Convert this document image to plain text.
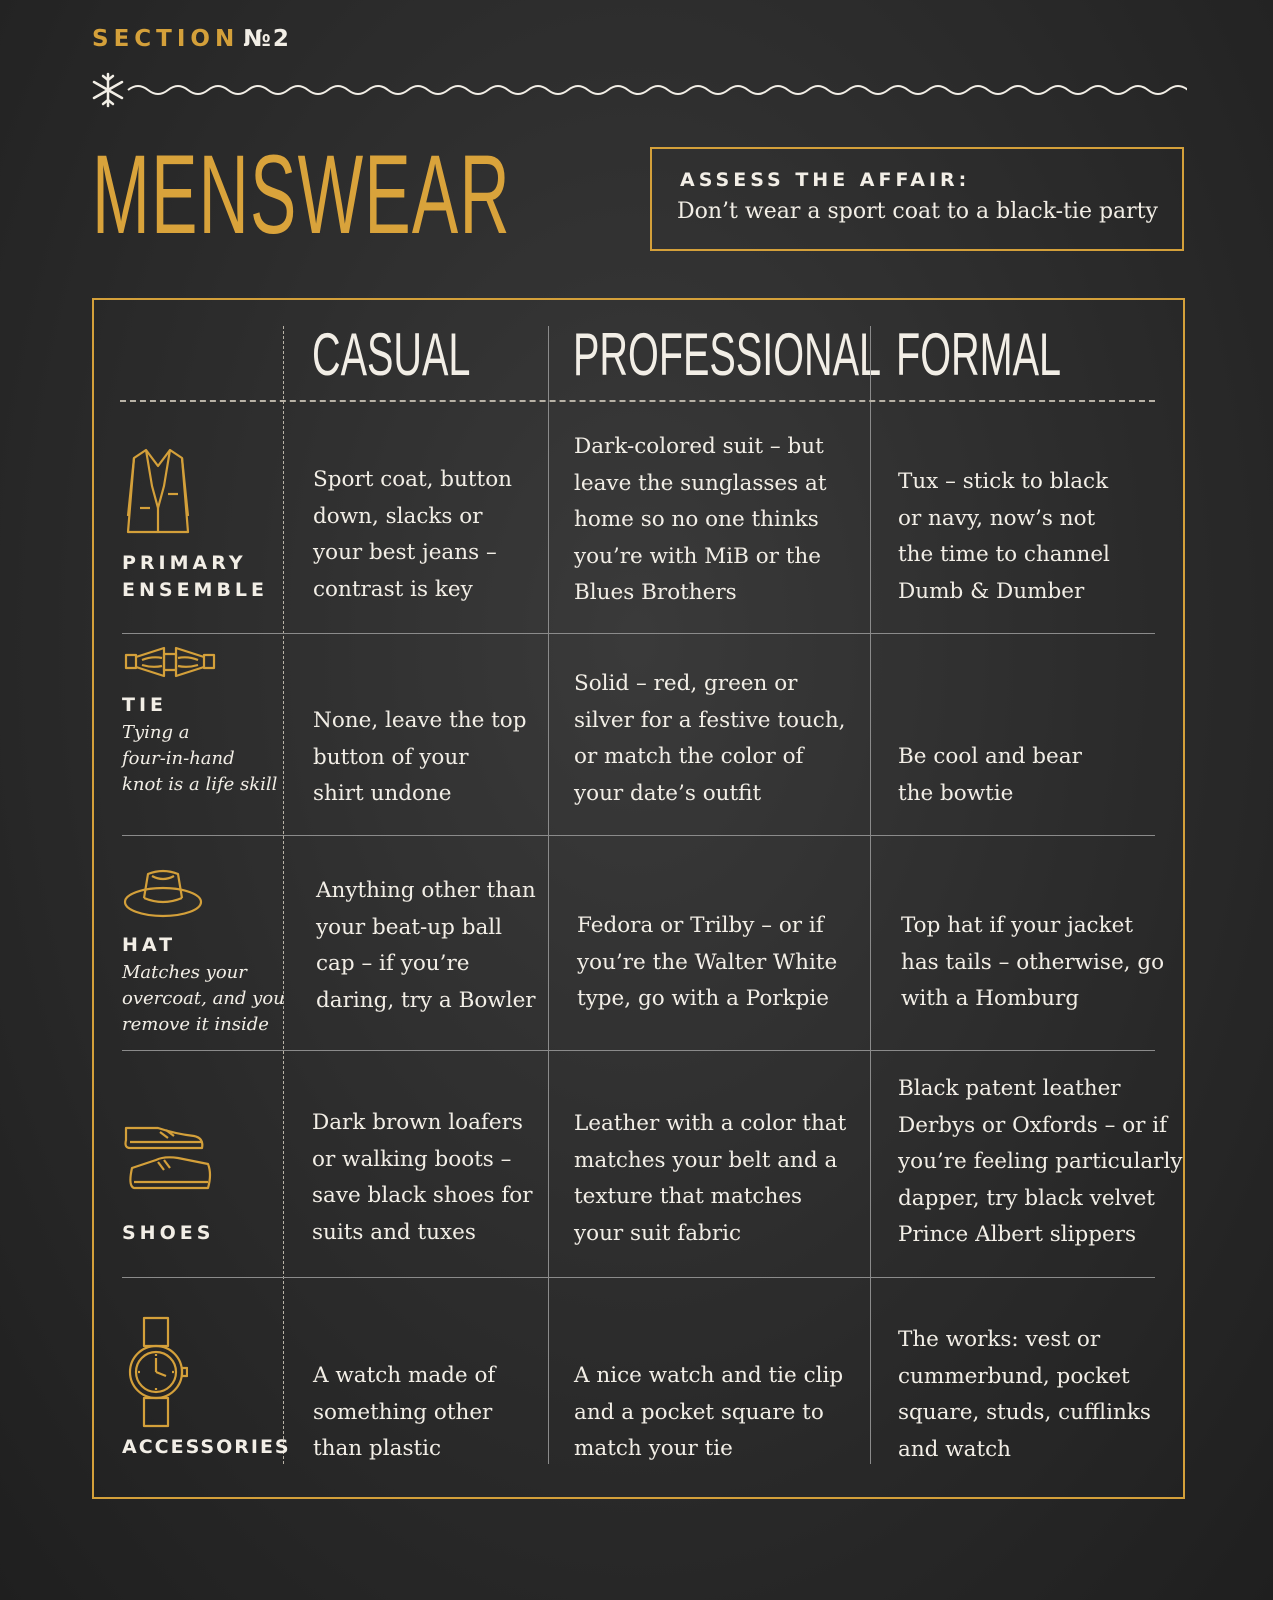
SECTION №2
MENSWEAR	ASSESS THE AFFAIR:
Don’t wear a sport coat to a black-tie party
CASUAL PROFESSIONAL FORMAL
PRIMARY
ENSEMBLE
Sport coat, button
down, slacks or
your best jeans –
contrast is key
Dark-colored suit – but
leave the sunglasses at
home so no one thinks
you’re with MiB or the
Blues Brothers
Tux – stick to black
or navy, now’s not
the time to channel
Dumb & Dumber
TIE
Tying a
four-in-hand
knot is a life skill
None, leave the top
button of your
shirt undone
Solid – red, green or
silver for a festive touch,
or match the color of
your date’s outfit
Be cool and bear
the bowtie
HAT
Matches your
overcoat, and you
remove it inside
Anything other than
your beat-up ball
cap – if you’re
daring, try a Bowler
Fedora or Trilby – or if
you’re the Walter White
type, go with a Porkpie
Top hat if your jacket
has tails – otherwise, go
with a Homburg
SHOES
Dark brown loafers
or walking boots –
save black shoes for
suits and tuxes
Leather with a color that
matches your belt and a
texture that matches
your suit fabric
Black patent leather
Derbys or Oxfords – or if
you’re feeling particularly
dapper, try black velvet
Prince Albert slippers
ACCESSORIES
A watch made of
something other
than plastic
A nice watch and tie clip
and a pocket square to
match your tie
The works: vest or
cummerbund, pocket
square, studs, cufflinks
and watch
